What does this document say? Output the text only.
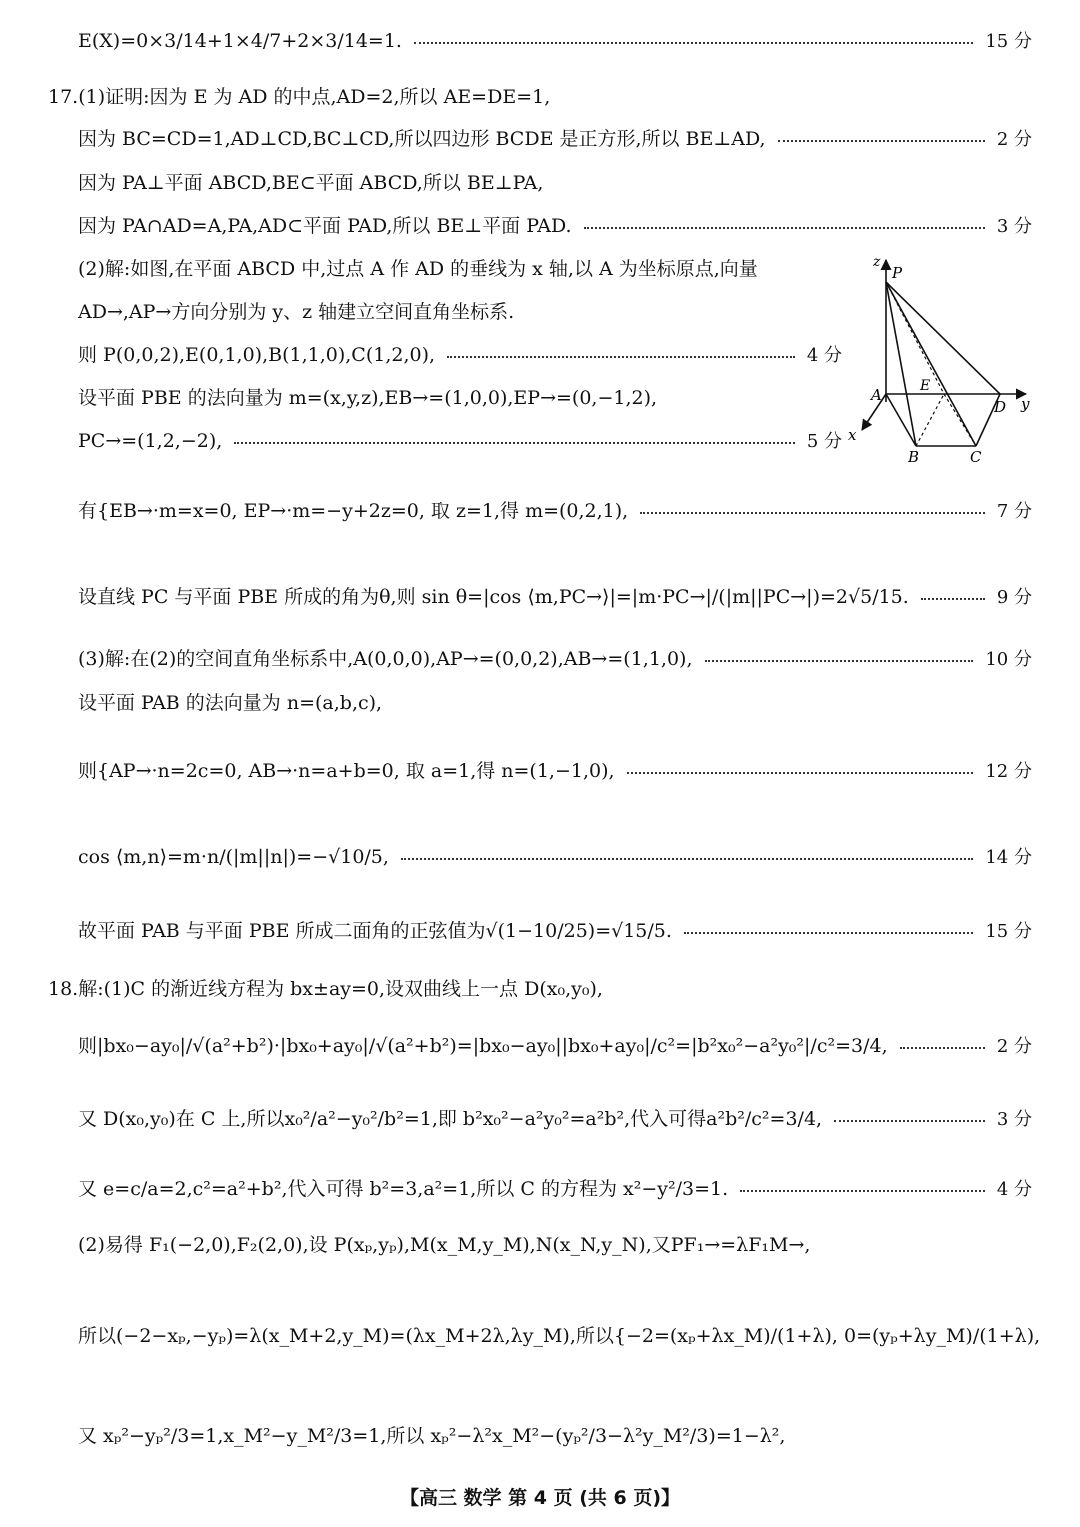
E(X)=0×3/14+1×4/7+2×3/14=1.	15 分
17.(1)证明:因为 E 为 AD 的中点,AD=2,所以 AE=DE=1,
因为 BC=CD=1,AD⊥CD,BC⊥CD,所以四边形 BCDE 是正方形,所以 BE⊥AD,	2 分
因为 PA⊥平面 ABCD,BE⊂平面 ABCD,所以 BE⊥PA,
因为 PA∩AD=A,PA,AD⊂平面 PAD,所以 BE⊥平面 PAD.	3 分
(2)解:如图,在平面 ABCD 中,过点 A 作 AD 的垂线为 x 轴,以 A 为坐标原点,向量
AD→,AP→方向分别为 y、z 轴建立空间直角坐标系.
则 P(0,0,2),E(0,1,0),B(1,1,0),C(1,2,0),	4 分
设平面 PBE 的法向量为 m=(x,y,z),EB→=(1,0,0),EP→=(0,−1,2),
PC→=(1,2,−2),	5 分
有{EB→·m=x=0, EP→·m=−y+2z=0, 取 z=1,得 m=(0,2,1),	7 分
设直线 PC 与平面 PBE 所成的角为θ,则 sin θ=|cos ⟨m,PC→⟩|=|m·PC→|/(|m||PC→|)=2√5/15.	9 分
(3)解:在(2)的空间直角坐标系中,A(0,0,0),AP→=(0,0,2),AB→=(1,1,0),	10 分
设平面 PAB 的法向量为 n=(a,b,c),
则{AP→·n=2c=0, AB→·n=a+b=0, 取 a=1,得 n=(1,−1,0),	12 分
cos ⟨m,n⟩=m·n/(|m||n|)=−√10/5,	14 分
故平面 PAB 与平面 PBE 所成二面角的正弦值为√(1−10/25)=√15/5.	15 分
18.解:(1)C 的渐近线方程为 bx±ay=0,设双曲线上一点 D(x₀,y₀),
则|bx₀−ay₀|/√(a²+b²)·|bx₀+ay₀|/√(a²+b²)=|bx₀−ay₀||bx₀+ay₀|/c²=|b²x₀²−a²y₀²|/c²=3/4,	2 分
又 D(x₀,y₀)在 C 上,所以x₀²/a²−y₀²/b²=1,即 b²x₀²−a²y₀²=a²b²,代入可得a²b²/c²=3/4,	3 分
又 e=c/a=2,c²=a²+b²,代入可得 b²=3,a²=1,所以 C 的方程为 x²−y²/3=1.	4 分
(2)易得 F₁(−2,0),F₂(2,0),设 P(xₚ,yₚ),M(x_M,y_M),N(x_N,y_N),又PF₁→=λF₁M→,
所以(−2−xₚ,−yₚ)=λ(x_M+2,y_M)=(λx_M+2λ,λy_M),所以{−2=(xₚ+λx_M)/(1+λ), 0=(yₚ+λy_M)/(1+λ),
又 xₚ²−yₚ²/3=1,x_M²−y_M²/3=1,所以 xₚ²−λ²x_M²−(yₚ²/3−λ²y_M²/3)=1−λ²,
z
P
A	E
D y
x
B	C
【高三 数学 第 4 页 (共 6 页)】
